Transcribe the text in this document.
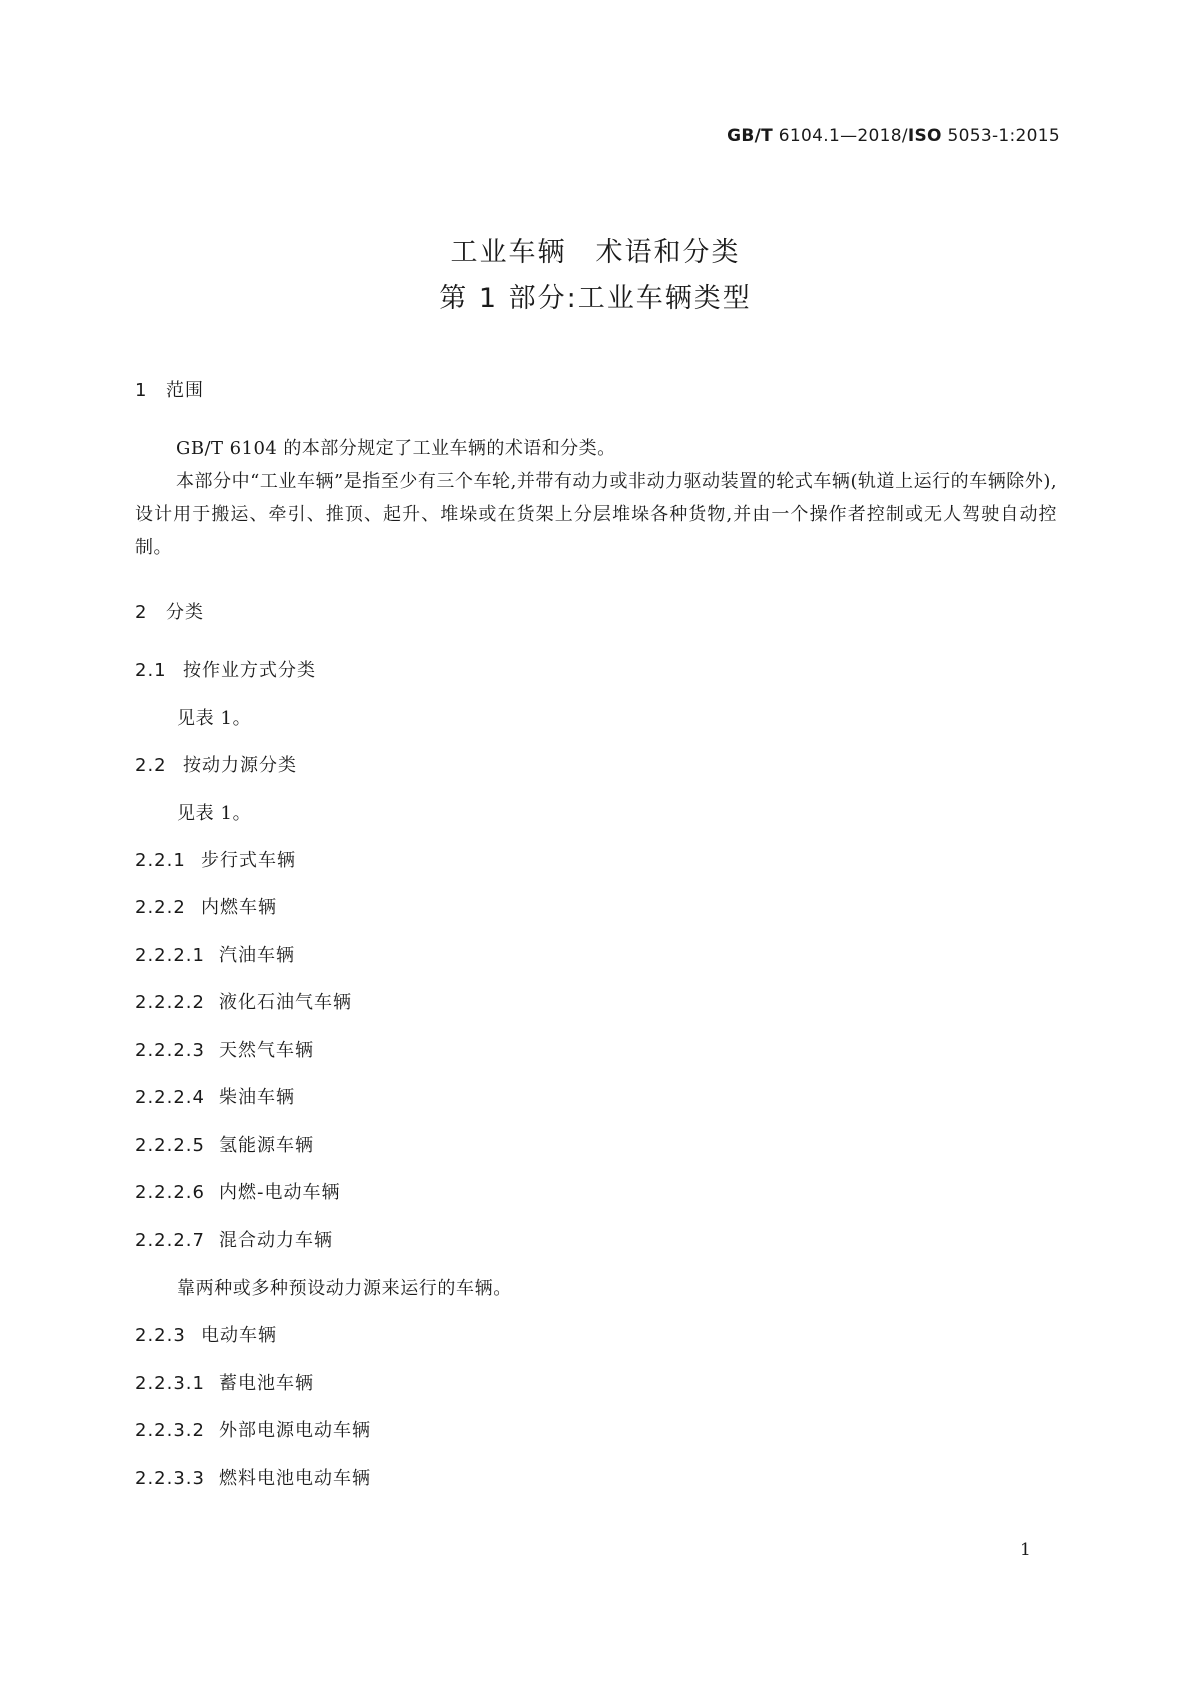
GB/T 6104.1—2018/ISO 5053-1:2015
工业车辆　术语和分类
第 1 部分:工业车辆类型
1 范围
GB/T 6104 的本部分规定了工业车辆的术语和分类。
本部分中“工业车辆”是指至少有三个车轮,并带有动力或非动力驱动装置的轮式车辆(轨道上运行的车辆除外),设计用于搬运、牵引、推顶、起升、堆垛或在货架上分层堆垛各种货物,并由一个操作者控制或无人驾驶自动控制。
2 分类
2.1 按作业方式分类
见表 1。
2.2 按动力源分类
见表 1。
2.2.1 步行式车辆
2.2.2 内燃车辆
2.2.2.1 汽油车辆
2.2.2.2 液化石油气车辆
2.2.2.3 天然气车辆
2.2.2.4 柴油车辆
2.2.2.5 氢能源车辆
2.2.2.6 内燃-电动车辆
2.2.2.7 混合动力车辆
靠两种或多种预设动力源来运行的车辆。
2.2.3 电动车辆
2.2.3.1 蓄电池车辆
2.2.3.2 外部电源电动车辆
2.2.3.3 燃料电池电动车辆
1
